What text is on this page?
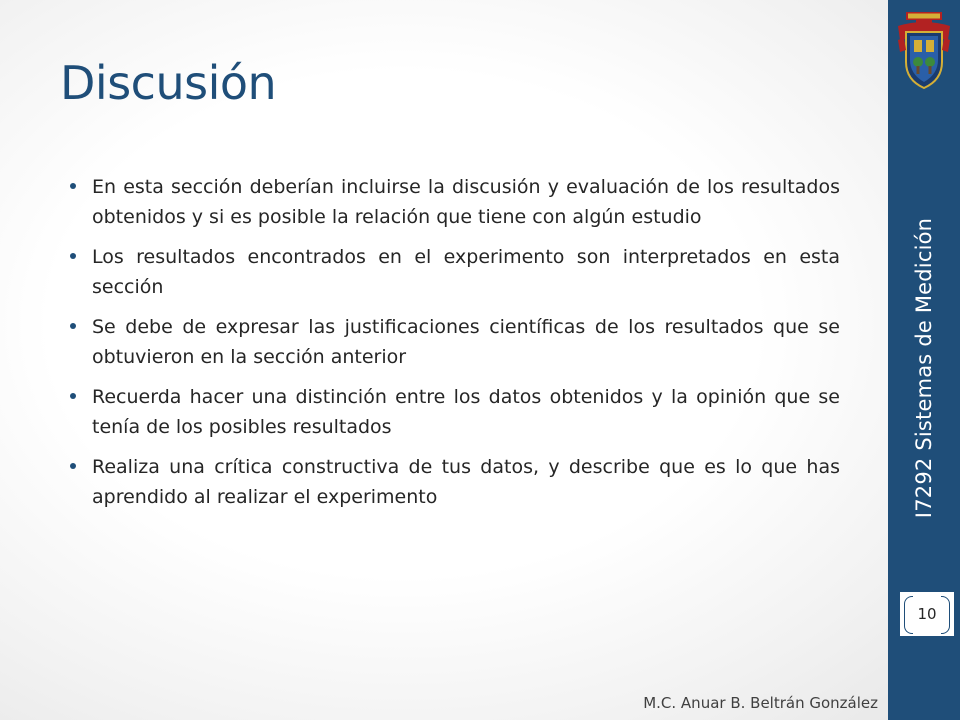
Discusión
En esta sección deberían incluirse la discusión y evaluación de los resultados obtenidos y si es posible la relación que tiene con algún estudio
Los resultados encontrados en el experimento son interpretados en esta sección
Se debe de expresar las justificaciones científicas de los resultados que se obtuvieron en la sección anterior
Recuerda hacer una distinción entre los datos obtenidos y la opinión que se tenía de los posibles resultados
Realiza una crítica constructiva de tus datos, y describe que es lo que has aprendido al realizar el experimento	I7292 Sistemas de Medición
10
M.C. Anuar B. Beltrán González
